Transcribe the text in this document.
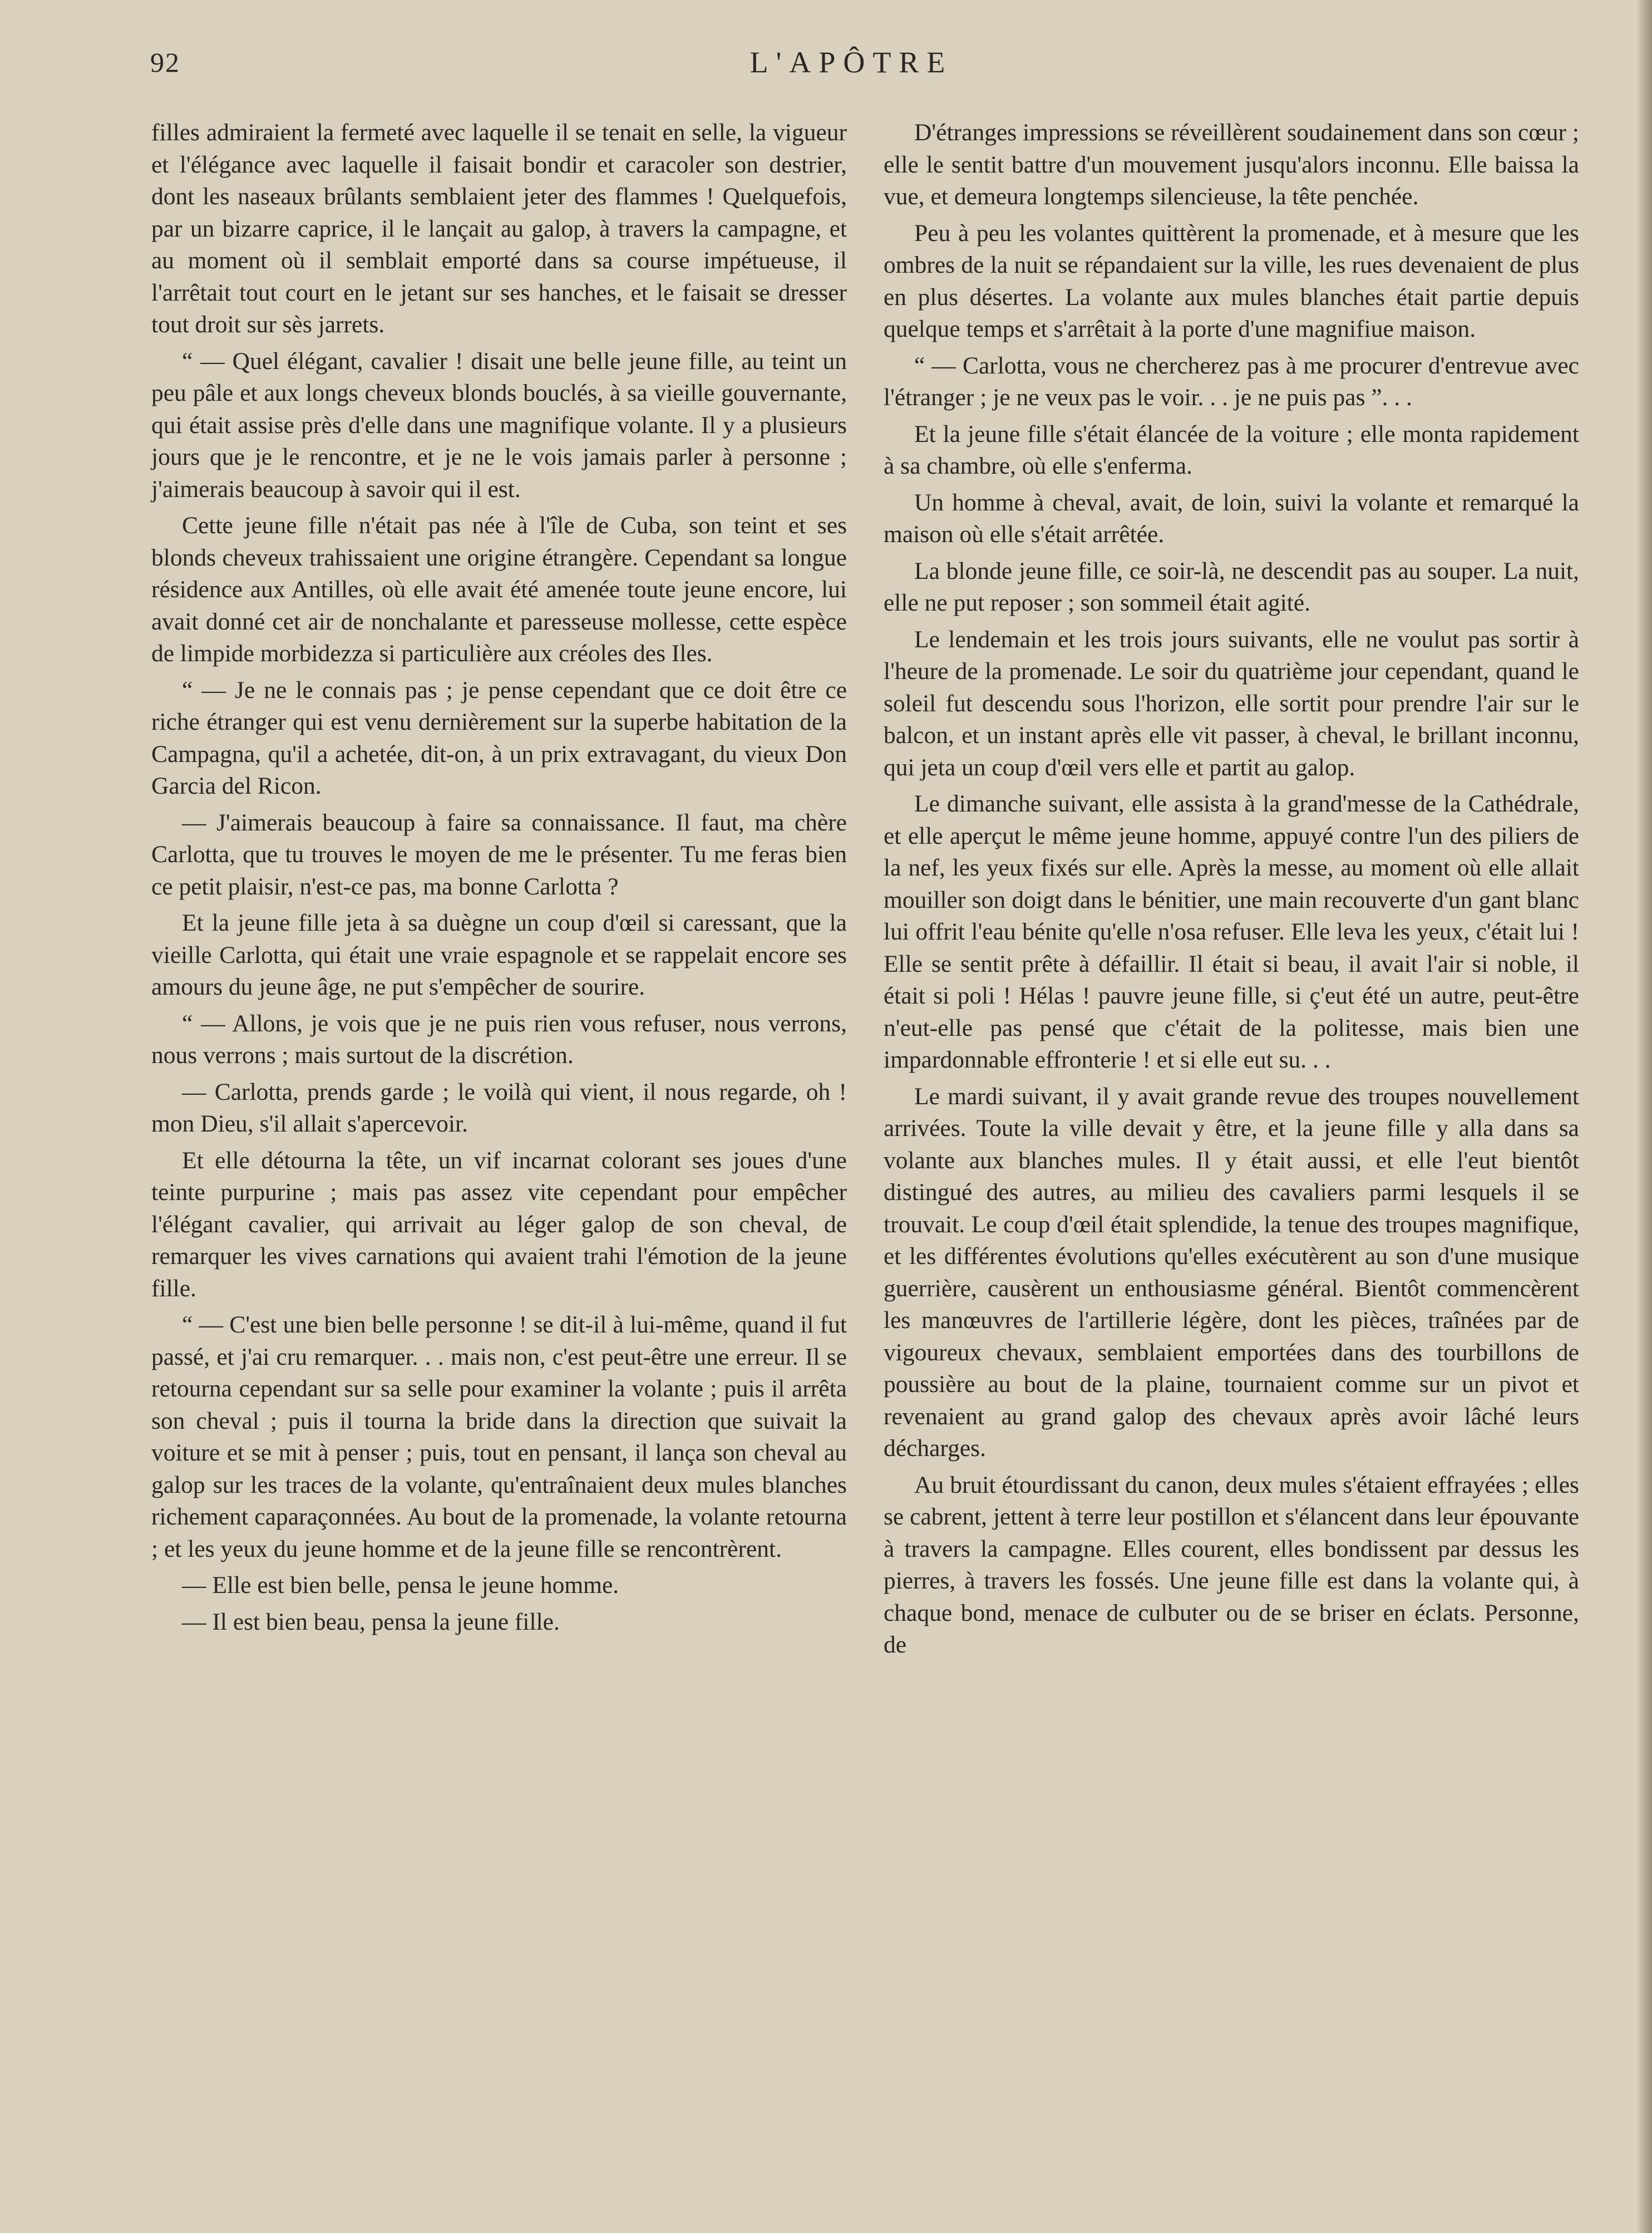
92	L'APÔTRE

filles admiraient la fermeté avec laquelle il se tenait en selle, la vigueur et l'élégance avec laquelle il faisait bondir et caracoler son destrier, dont les naseaux brûlants semblaient jeter des flammes ! Quelquefois, par un bizarre caprice, il le lançait au galop, à travers la campagne, et au moment où il semblait emporté dans sa course impétueuse, il l'arrêtait tout court en le jetant sur ses hanches, et le faisait se dresser tout droit sur sès jarrets.

“ — Quel élégant, cavalier ! disait une belle jeune fille, au teint un peu pâle et aux longs cheveux blonds bouclés, à sa vieille gouvernante, qui était assise près d'elle dans une magnifique volante. Il y a plusieurs jours que je le rencontre, et je ne le vois jamais parler à personne ; j'aimerais beaucoup à savoir qui il est.

Cette jeune fille n'était pas née à l'île de Cuba, son teint et ses blonds cheveux trahissaient une origine étrangère. Cependant sa longue résidence aux Antilles, où elle avait été amenée toute jeune encore, lui avait donné cet air de nonchalante et paresseuse mollesse, cette espèce de limpide morbidezza si particulière aux créoles des Iles.

“ — Je ne le connais pas ; je pense cependant que ce doit être ce riche étranger qui est venu dernièrement sur la superbe habitation de la Campagna, qu'il a achetée, dit-on, à un prix extravagant, du vieux Don Garcia del Ricon.

— J'aimerais beaucoup à faire sa connaissance. Il faut, ma chère Carlotta, que tu trouves le moyen de me le présenter. Tu me feras bien ce petit plaisir, n'est-ce pas, ma bonne Carlotta ?

Et la jeune fille jeta à sa duègne un coup d'œil si caressant, que la vieille Carlotta, qui était une vraie espagnole et se rappelait encore ses amours du jeune âge, ne put s'empêcher de sourire.

“ — Allons, je vois que je ne puis rien vous refuser, nous verrons, nous verrons ; mais surtout de la discrétion.

— Carlotta, prends garde ; le voilà qui vient, il nous regarde, oh ! mon Dieu, s'il allait s'apercevoir.

Et elle détourna la tête, un vif incarnat colorant ses joues d'une teinte purpurine ; mais pas assez vite cependant pour empêcher l'élégant cavalier, qui arrivait au léger galop de son cheval, de remarquer les vives carnations qui avaient trahi l'émotion de la jeune fille.

“ — C'est une bien belle personne ! se dit-il à lui-même, quand il fut passé, et j'ai cru remarquer. . . mais non, c'est peut-être une erreur. Il se retourna cependant sur sa selle pour examiner la volante ; puis il arrêta son cheval ; puis il tourna la bride dans la direction que suivait la voiture et se mit à penser ; puis, tout en pensant, il lança son cheval au galop sur les traces de la volante, qu'entraînaient deux mules blanches richement caparaçonnées. Au bout de la promenade, la volante retourna ; et les yeux du jeune homme et de la jeune fille se rencontrèrent.

— Elle est bien belle, pensa le jeune homme.

— Il est bien beau, pensa la jeune fille.

D'étranges impressions se réveillèrent soudainement dans son cœur ; elle le sentit battre d'un mouvement jusqu'alors inconnu. Elle baissa la vue, et demeura longtemps silencieuse, la tête penchée.

Peu à peu les volantes quittèrent la promenade, et à mesure que les ombres de la nuit se répandaient sur la ville, les rues devenaient de plus en plus désertes. La volante aux mules blanches était partie depuis quelque temps et s'arrêtait à la porte d'une magnifiue maison.

“ — Carlotta, vous ne chercherez pas à me procurer d'entrevue avec l'étranger ; je ne veux pas le voir. . . je ne puis pas ”. . .

Et la jeune fille s'était élancée de la voiture ; elle monta rapidement à sa chambre, où elle s'enferma.

Un homme à cheval, avait, de loin, suivi la volante et remarqué la maison où elle s'était arrêtée.

La blonde jeune fille, ce soir-là, ne descendit pas au souper. La nuit, elle ne put reposer ; son sommeil était agité.

Le lendemain et les trois jours suivants, elle ne voulut pas sortir à l'heure de la promenade. Le soir du quatrième jour cependant, quand le soleil fut descendu sous l'horizon, elle sortit pour prendre l'air sur le balcon, et un instant après elle vit passer, à cheval, le brillant inconnu, qui jeta un coup d'œil vers elle et partit au galop.

Le dimanche suivant, elle assista à la grand'messe de la Cathédrale, et elle aperçut le même jeune homme, appuyé contre l'un des piliers de la nef, les yeux fixés sur elle. Après la messe, au moment où elle allait mouiller son doigt dans le bénitier, une main recouverte d'un gant blanc lui offrit l'eau bénite qu'elle n'osa refuser. Elle leva les yeux, c'était lui ! Elle se sentit prête à défaillir. Il était si beau, il avait l'air si noble, il était si poli ! Hélas ! pauvre jeune fille, si ç'eut été un autre, peut-être n'eut-elle pas pensé que c'était de la politesse, mais bien une impardonnable effronterie ! et si elle eut su. . .

Le mardi suivant, il y avait grande revue des troupes nouvellement arrivées. Toute la ville devait y être, et la jeune fille y alla dans sa volante aux blanches mules. Il y était aussi, et elle l'eut bientôt distingué des autres, au milieu des cavaliers parmi lesquels il se trouvait. Le coup d'œil était splendide, la tenue des troupes magnifique, et les différentes évolutions qu'elles exécutèrent au son d'une musique guerrière, causèrent un enthousiasme général. Bientôt commencèrent les manœuvres de l'artillerie légère, dont les pièces, traînées par de vigoureux chevaux, semblaient emportées dans des tourbillons de poussière au bout de la plaine, tournaient comme sur un pivot et revenaient au grand galop des chevaux après avoir lâché leurs décharges.

Au bruit étourdissant du canon, deux mules s'étaient effrayées ; elles se cabrent, jettent à terre leur postillon et s'élancent dans leur épouvante à travers la campagne. Elles courent, elles bondissent par dessus les pierres, à travers les fossés. Une jeune fille est dans la volante qui, à chaque bond, menace de culbuter ou de se briser en éclats. Personne, de
